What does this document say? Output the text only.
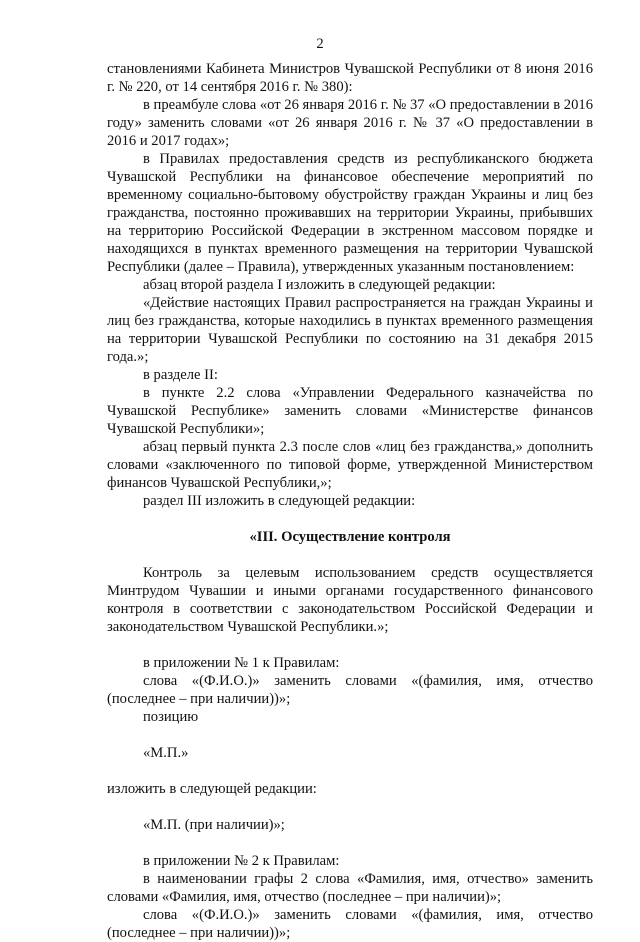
2

становлениями Кабинета Министров Чувашской Республики от 8 июня 2016 г. № 220, от 14 сентября 2016 г. № 380):

в преамбуле слова «от 26 января 2016 г. № 37 «О предоставлении в 2016 году» заменить словами «от 26 января 2016 г. № 37 «О предоставлении в 2016 и 2017 годах»;

в Правилах предоставления средств из республиканского бюджета Чувашской Республики на финансовое обеспечение мероприятий по временному социально-бытовому обустройству граждан Украины и лиц без гражданства, постоянно проживавших на территории Украины, прибывших на территорию Российской Федерации в экстренном массовом порядке и находящихся в пунктах временного размещения на территории Чувашской Республики (далее – Правила), утвержденных указанным постановлением:

абзац второй раздела I изложить в следующей редакции:

«Действие настоящих Правил распространяется на граждан Украины и лиц без гражданства, которые находились в пунктах временного размещения на территории Чувашской Республики по состоянию на 31 декабря 2015 года.»;

в разделе II:

в пункте 2.2 слова «Управлении Федерального казначейства по Чувашской Республике» заменить словами «Министерстве финансов Чувашской Республики»;

абзац первый пункта 2.3 после слов «лиц без гражданства,» дополнить словами «заключенного по типовой форме, утвержденной Министерством финансов Чувашской Республики,»;

раздел III изложить в следующей редакции:

«III. Осуществление контроля

Контроль за целевым использованием средств осуществляется Минтрудом Чувашии и иными органами государственного финансового контроля в соответствии с законодательством Российской Федерации и законодательством Чувашской Республики.»;

в приложении № 1 к Правилам:

слова «(Ф.И.О.)» заменить словами «(фамилия, имя, отчество (последнее – при наличии))»;

позицию

«М.П.»

изложить в следующей редакции:

«М.П. (при наличии)»;

в приложении № 2 к Правилам:

в наименовании графы 2 слова «Фамилия, имя, отчество» заменить словами «Фамилия, имя, отчество (последнее – при наличии)»;

слова «(Ф.И.О.)» заменить словами «(фамилия, имя, отчество (последнее – при наличии))»;
